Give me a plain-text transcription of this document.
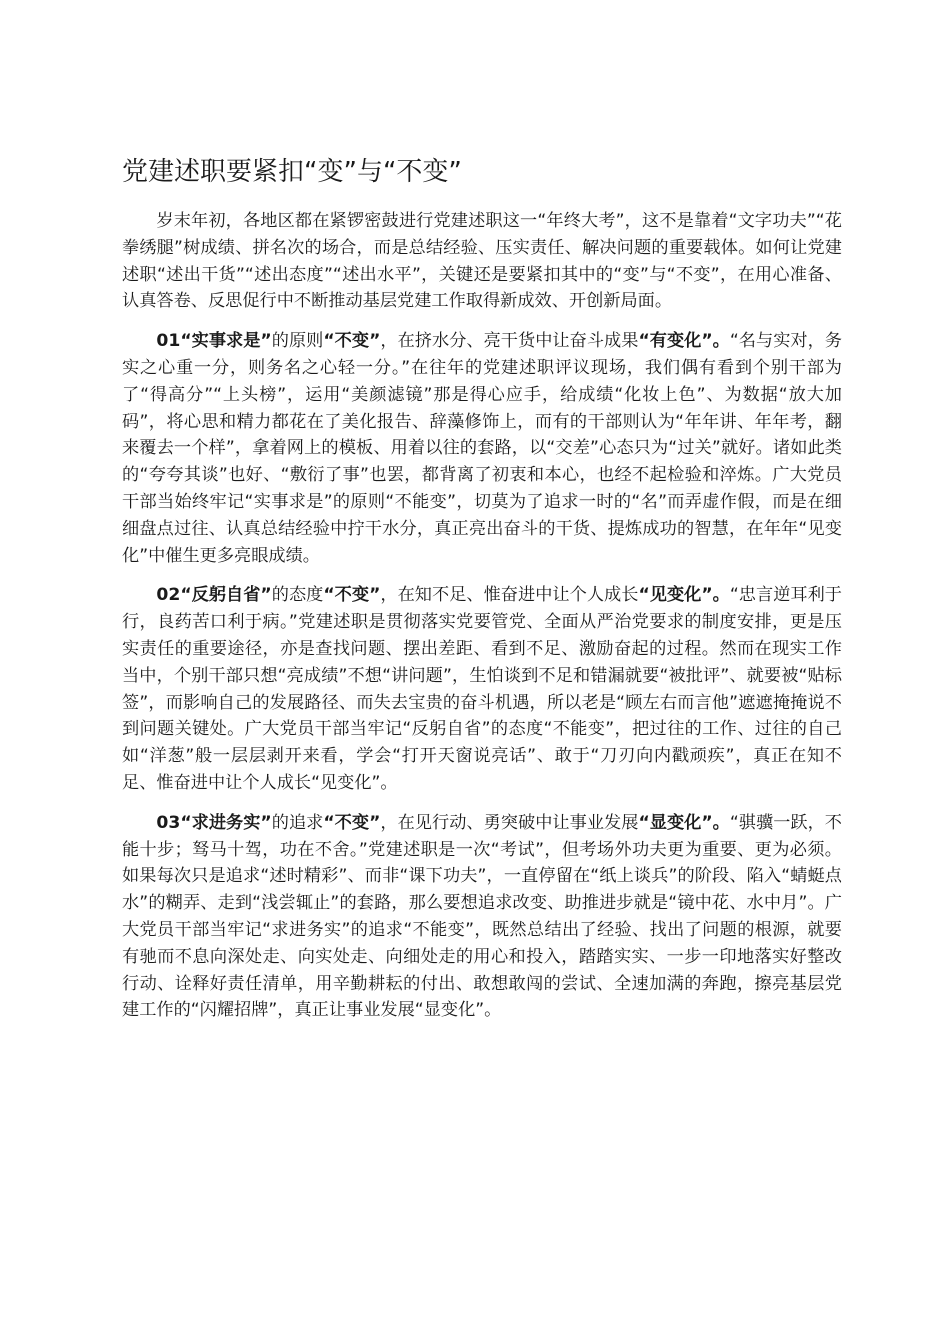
党建述职要紧扣“变”与“不变”

岁末年初，各地区都在紧锣密鼓进行党建述职这一“年终大考”，这不是靠着“文字功夫”“花拳绣腿”树成绩、拼名次的场合，而是总结经验、压实责任、解决问题的重要载体。如何让党建述职“述出干货”“述出态度”“述出水平”，关键还是要紧扣其中的“变”与“不变”，在用心准备、认真答卷、反思促行中不断推动基层党建工作取得新成效、开创新局面。

01“实事求是”的原则“不变”，在挤水分、亮干货中让奋斗成果“有变化”。“名与实对，务实之心重一分，则务名之心轻一分。”在往年的党建述职评议现场，我们偶有看到个别干部为了“得高分”“上头榜”，运用“美颜滤镜”那是得心应手，给成绩“化妆上色”、为数据“放大加码”，将心思和精力都花在了美化报告、辞藻修饰上，而有的干部则认为“年年讲、年年考，翻来覆去一个样”，拿着网上的模板、用着以往的套路，以“交差”心态只为“过关”就好。诸如此类的“夸夸其谈”也好、“敷衍了事”也罢，都背离了初衷和本心，也经不起检验和淬炼。广大党员干部当始终牢记“实事求是”的原则“不能变”，切莫为了追求一时的“名”而弄虚作假，而是在细细盘点过往、认真总结经验中拧干水分，真正亮出奋斗的干货、提炼成功的智慧，在年年“见变化”中催生更多亮眼成绩。

02“反躬自省”的态度“不变”，在知不足、惟奋进中让个人成长“见变化”。“忠言逆耳利于行，良药苦口利于病。”党建述职是贯彻落实党要管党、全面从严治党要求的制度安排，更是压实责任的重要途径，亦是查找问题、摆出差距、看到不足、激励奋起的过程。然而在现实工作当中，个别干部只想“亮成绩”不想“讲问题”，生怕谈到不足和错漏就要“被批评”、就要被“贴标签”，而影响自己的发展路径、而失去宝贵的奋斗机遇，所以老是“顾左右而言他”遮遮掩掩说不到问题关键处。广大党员干部当牢记“反躬自省”的态度“不能变”，把过往的工作、过往的自己如“洋葱”般一层层剥开来看，学会“打开天窗说亮话”、敢于“刀刃向内戳顽疾”，真正在知不足、惟奋进中让个人成长“见变化”。

03“求进务实”的追求“不变”，在见行动、勇突破中让事业发展“显变化”。“骐骥一跃，不能十步；驽马十驾，功在不舍。”党建述职是一次“考试”，但考场外功夫更为重要、更为必须。如果每次只是追求“述时精彩”、而非“课下功夫”，一直停留在“纸上谈兵”的阶段、陷入“蜻蜓点水”的糊弄、走到“浅尝辄止”的套路，那么要想追求改变、助推进步就是“镜中花、水中月”。广大党员干部当牢记“求进务实”的追求“不能变”，既然总结出了经验、找出了问题的根源，就要有驰而不息向深处走、向实处走、向细处走的用心和投入，踏踏实实、一步一印地落实好整改行动、诠释好责任清单，用辛勤耕耘的付出、敢想敢闯的尝试、全速加满的奔跑，擦亮基层党建工作的“闪耀招牌”，真正让事业发展“显变化”。
